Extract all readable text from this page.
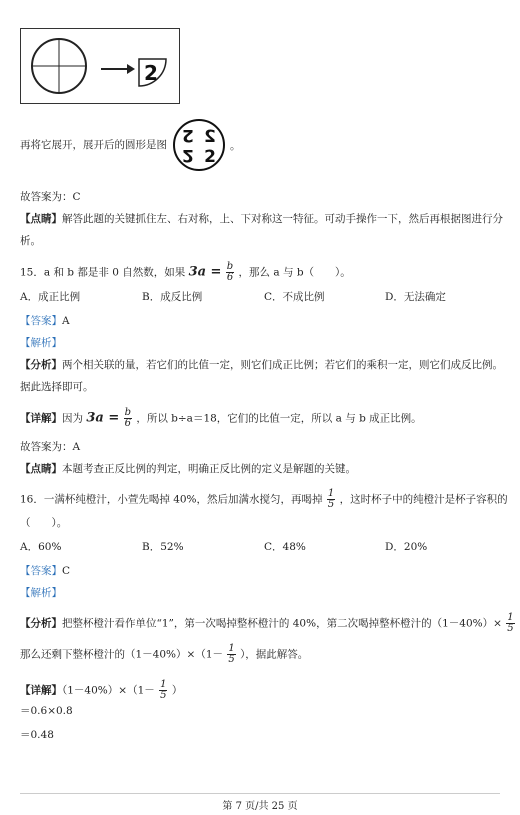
2
再将它展开，展开后的圆形是图 2 2
2 2
。
故答案为：C
【点睛】解答此题的关键抓住左、右对称，上、下对称这一特征。可动手操作一下，然后再根据图进行分
析。
15．a 和 b 都是非 0 自然数，如果 $3a = \frac{b}{6}$ ，那么 a 与 b（　　）。
A．成正比例	B．成反比例	C．不成比例	D．无法确定
【答案】A
【解析】
【分析】两个相关联的量，若它们的比值一定，则它们成正比例；若它们的乘积一定，则它们成反比例。
据此选择即可。
【详解】因为 $3a = \frac{b}{6}$ ，所以 b÷a＝18，它们的比值一定，所以 a 与 b 成正比例。
故答案为：A
【点睛】本题考查正反比例的判定，明确正反比例的定义是解题的关键。
16．一满杯纯橙汁，小萱先喝掉 40%，然后加满水搅匀，再喝掉 $\frac{1}{5}$ ，这时杯子中的纯橙汁是杯子容积的
（　　）。
A．60%	B．52%	C．48%	D．20%
【答案】C
【解析】
【分析】把整杯橙汁看作单位“1”，第一次喝掉整杯橙汁的 40%，第二次喝掉整杯橙汁的$(1-40\%)\times \frac{1}{5}$
那么还剩下整杯橙汁的$(1-40\%)\times(1- \frac{1}{5}$ ），据此解答。
【详解】$(1-40\%)\times(1- \frac{1}{5}$ ）
＝0.6×0.8
＝0.48
第 7 页/共 25 页
